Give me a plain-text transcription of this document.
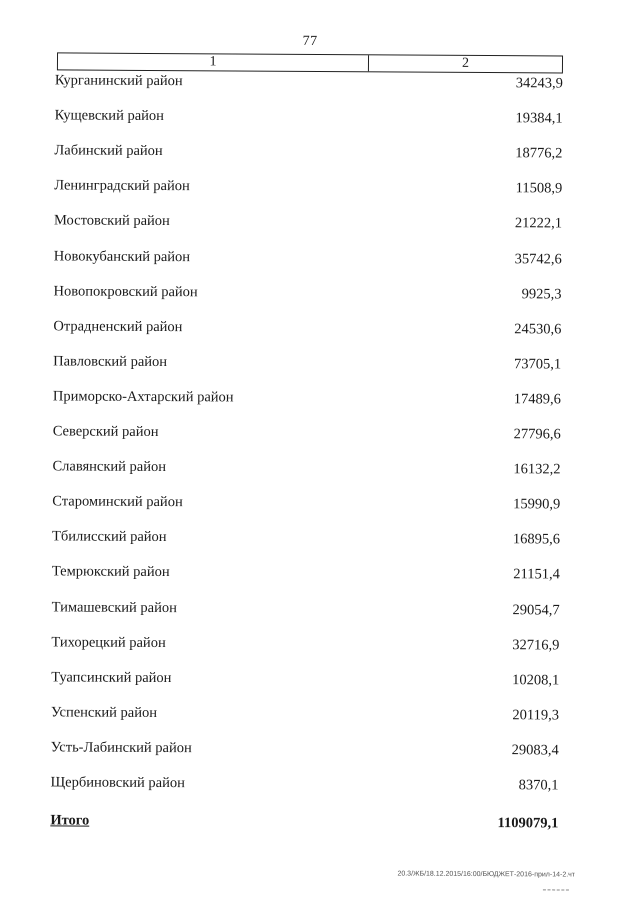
77
1	2
Курганинский район	34243,9
Кущевский район	19384,1
Лабинский район	18776,2
Ленинградский район	11508,9
Мостовский район	21222,1
Новокубанский район	35742,6
Новопокровский район	9925,3
Отрадненский район	24530,6
Павловский район	73705,1
Приморско-Ахтарский район	17489,6
Северский район	27796,6
Славянский район	16132,2
Староминский район	15990,9
Тбилисский район	16895,6
Темрюкский район	21151,4
Тимашевский район	29054,7
Тихорецкий район	32716,9
Туапсинский район	10208,1
Успенский район	20119,3
Усть-Лабинский район	29083,4
Щербиновский район	8370,1
Итого	1109079,1
20.3/ЖБ/18.12.2015/16:00/БЮДЖЕТ-2016-прил-14-2.чт
